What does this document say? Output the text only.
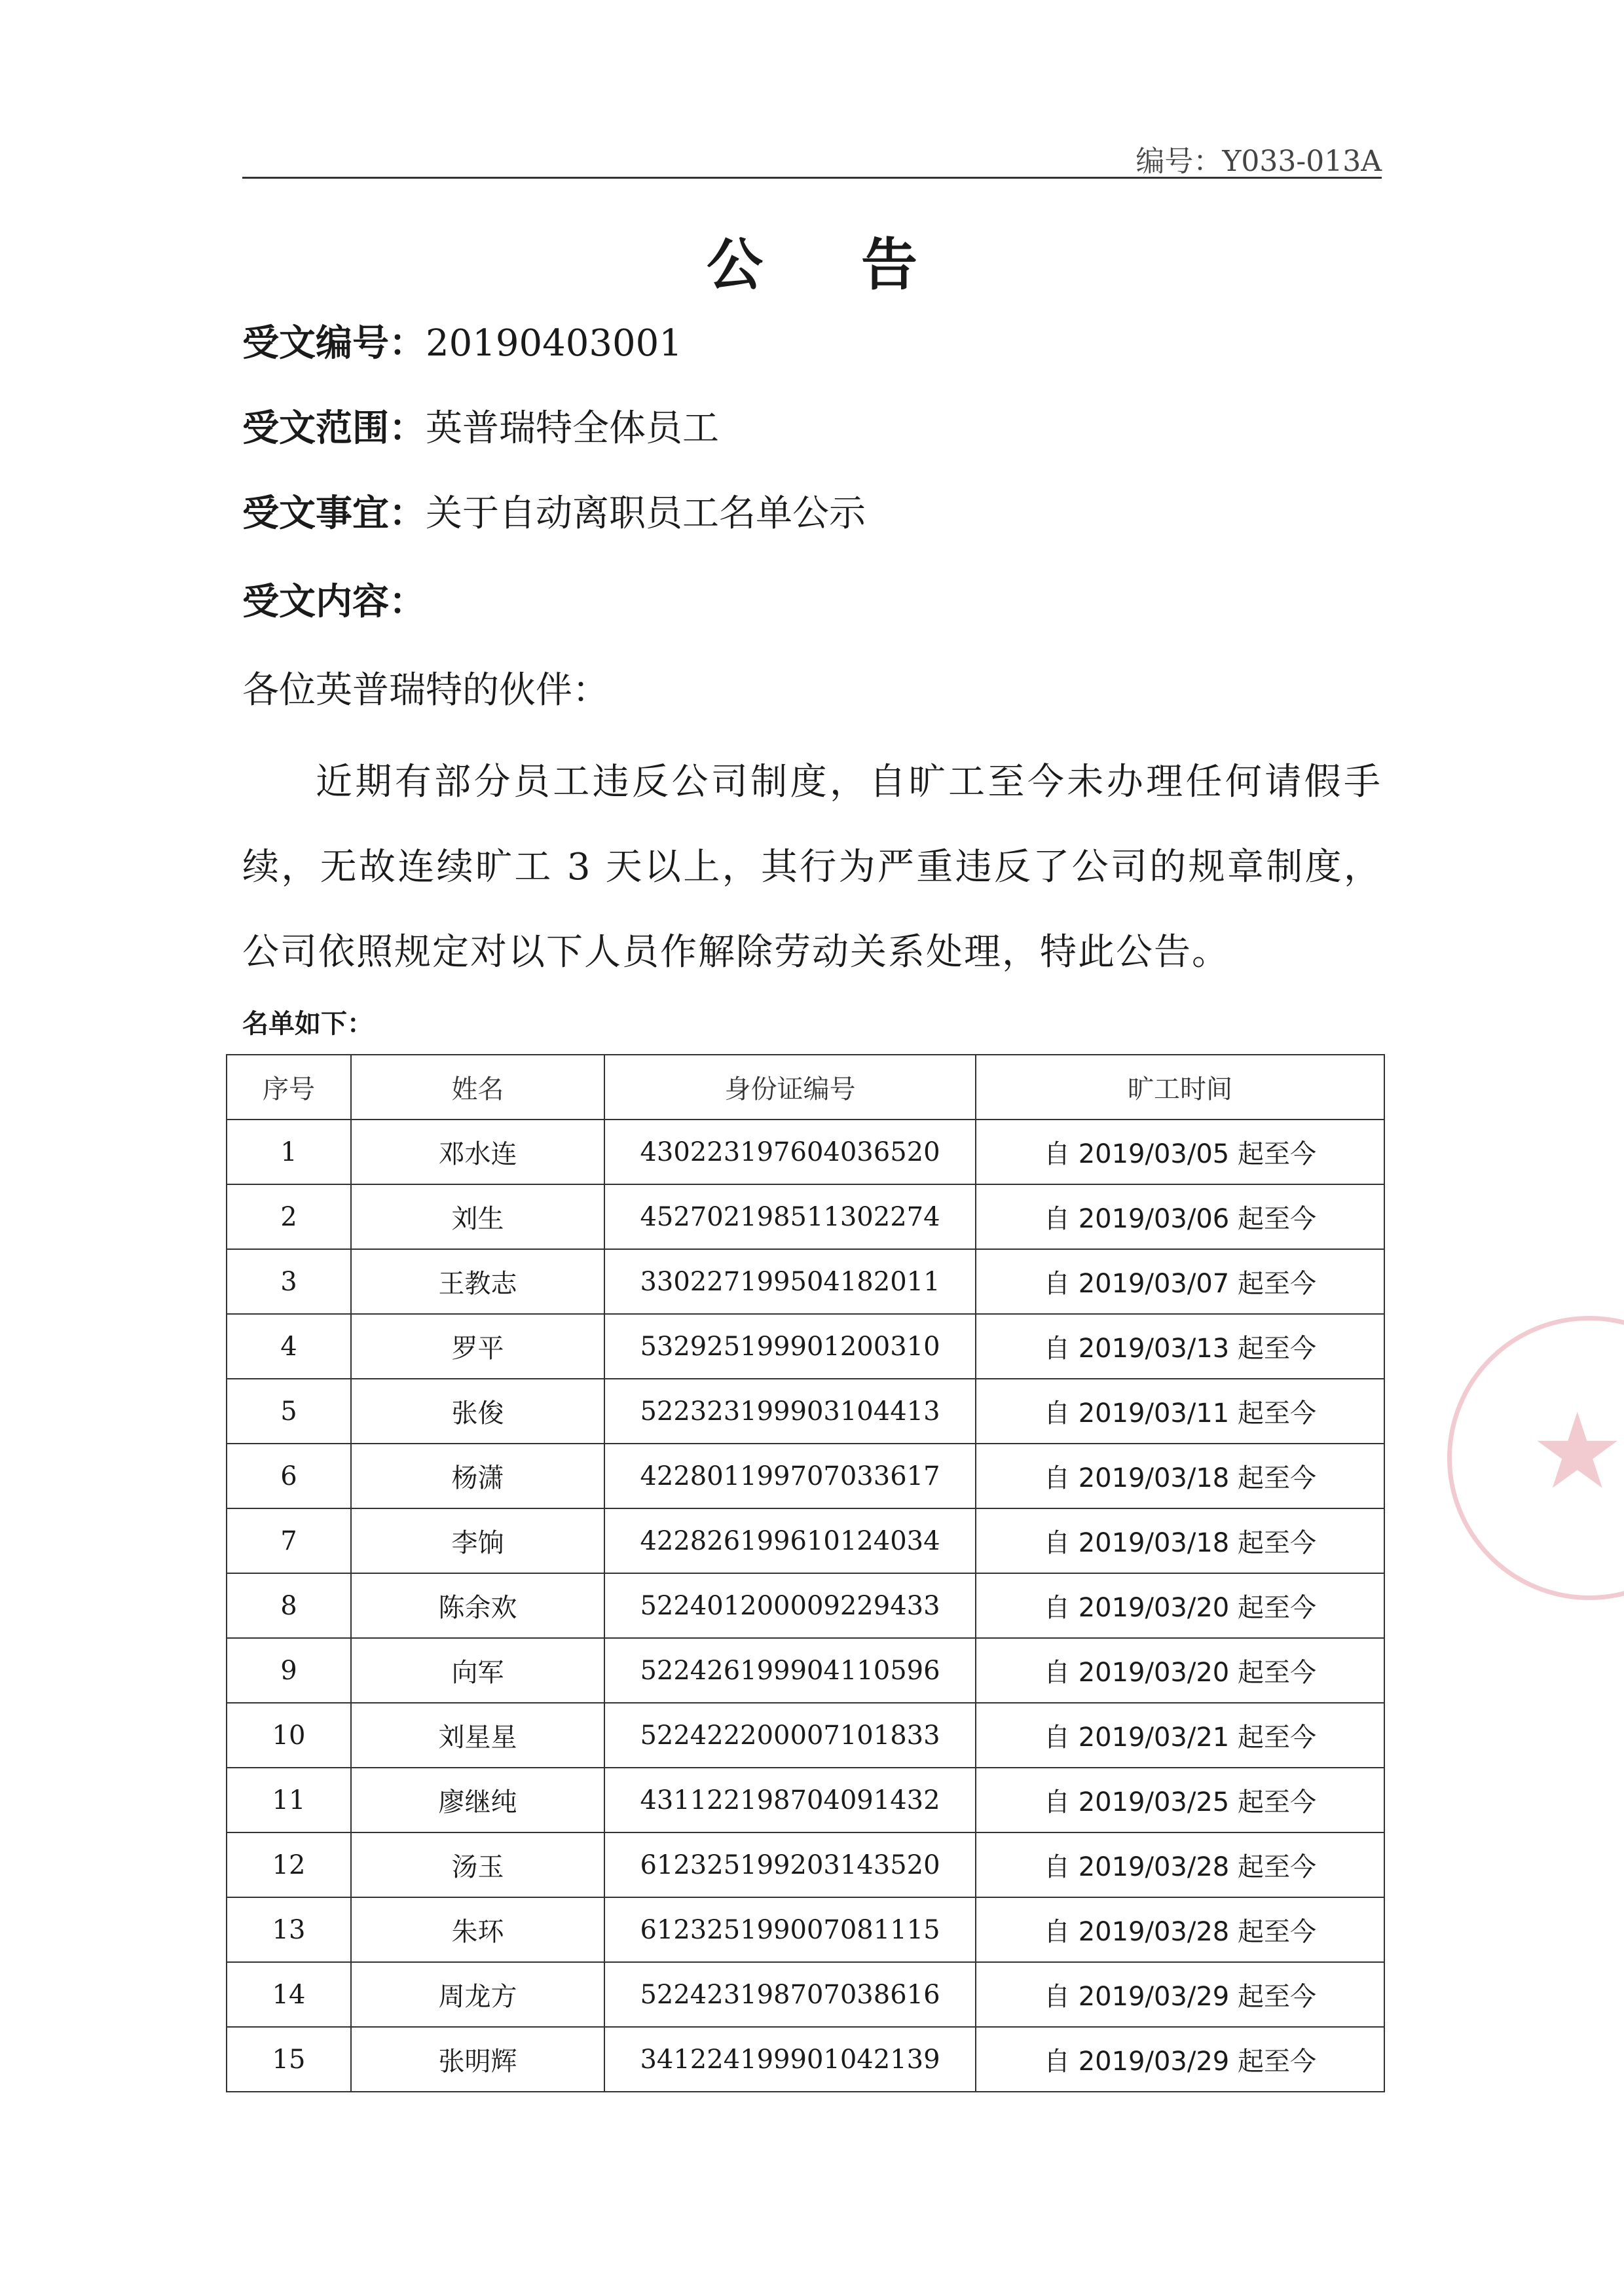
编号：Y033-013A
公 告
受文编号：20190403001
受文范围：英普瑞特全体员工
受文事宜：关于自动离职员工名单公示
受文内容：
各位英普瑞特的伙伴：
近期有部分员工违反公司制度，自旷工至今未办理任何请假手续，无故连续旷工 3 天以上，其行为严重违反了公司的规章制度，公司依照规定对以下人员作解除劳动关系处理，特此公告。
名单如下：
序号	姓名	身份证编号	旷工时间
1	邓水连	430223197604036520	自 2019/03/05 起至今
2	刘生	452702198511302274	自 2019/03/06 起至今
3	王教志	330227199504182011	自 2019/03/07 起至今
4	罗平	532925199901200310	自 2019/03/13 起至今
5	张俊	522323199903104413	自 2019/03/11 起至今
6	杨潇	422801199707033617	自 2019/03/18 起至今
7	李饷	422826199610124034	自 2019/03/18 起至今
8	陈余欢	522401200009229433	自 2019/03/20 起至今
9	向军	522426199904110596	自 2019/03/20 起至今
10	刘星星	522422200007101833	自 2019/03/21 起至今
11	廖继纯	431122198704091432	自 2019/03/25 起至今
12	汤玉	612325199203143520	自 2019/03/28 起至今
13	朱环	612325199007081115	自 2019/03/28 起至今
14	周龙方	522423198707038616	自 2019/03/29 起至今
15	张明辉	341224199901042139	自 2019/03/29 起至今
★
